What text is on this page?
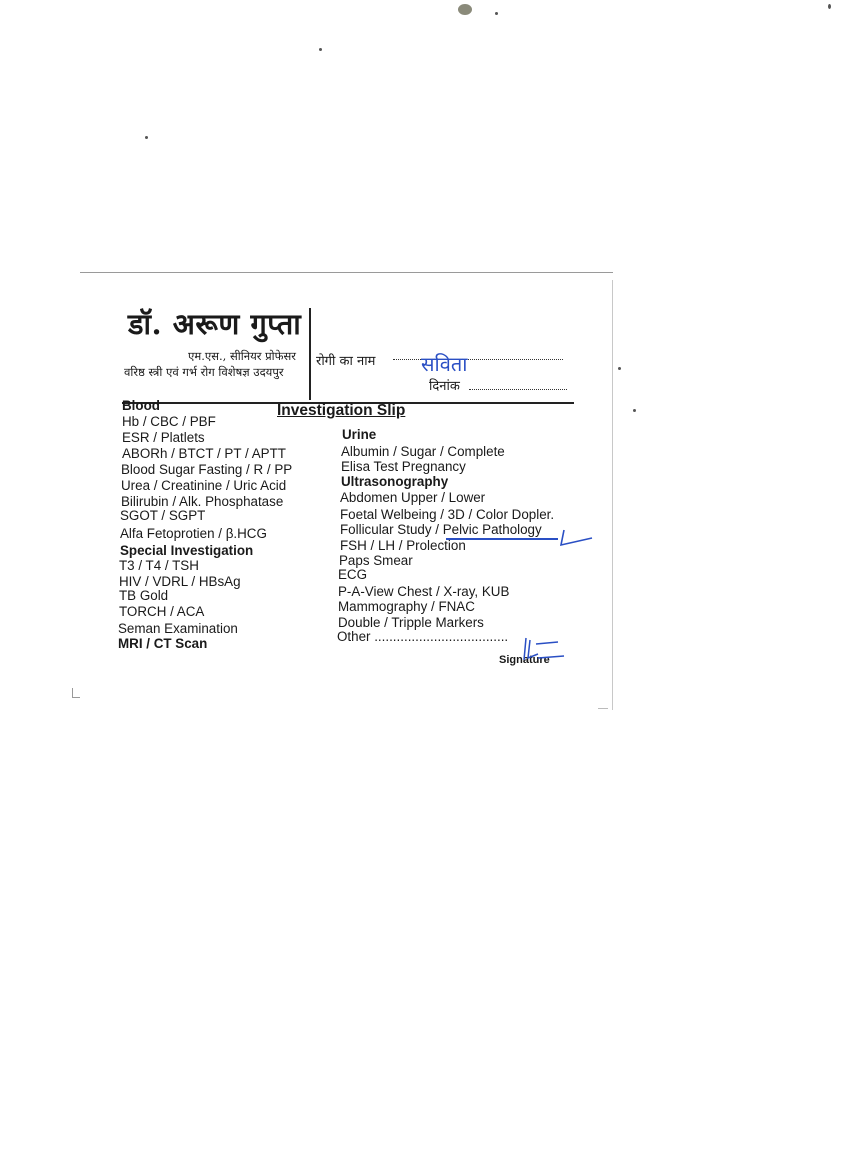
डॉ. अरूण गुप्ता
एम.एस., सीनियर प्रोफेसर
वरिष्ठ स्त्री एवं गर्भ रोग विशेषज्ञ उदयपुर
रोगी का नाम सविता
दिनांक
Investigation Slip
Blood
Hb / CBC / PBF
ESR / Platlets
ABORh / BTCT / PT / APTT
Blood Sugar Fasting / R / PP
Urea / Creatinine / Uric Acid
Bilirubin / Alk. Phosphatase
SGOT / SGPT
Alfa Fetoprotien / β.HCG
Special Investigation
T3 / T4 / TSH
HIV / VDRL / HBsAg
TB Gold
TORCH / ACA
Seman Examination
MRI / CT Scan
Urine
Albumin / Sugar / Complete
Elisa Test Pregnancy
Ultrasonography
Abdomen Upper / Lower
Foetal Welbeing / 3D / Color Dopler.
Follicular Study / Pelvic Pathology
FSH / LH / Prolection
Paps Smear
ECG
P-A-View Chest / X-ray, KUB
Mammography / FNAC
Double / Tripple Markers
Other ....................................
Signature
